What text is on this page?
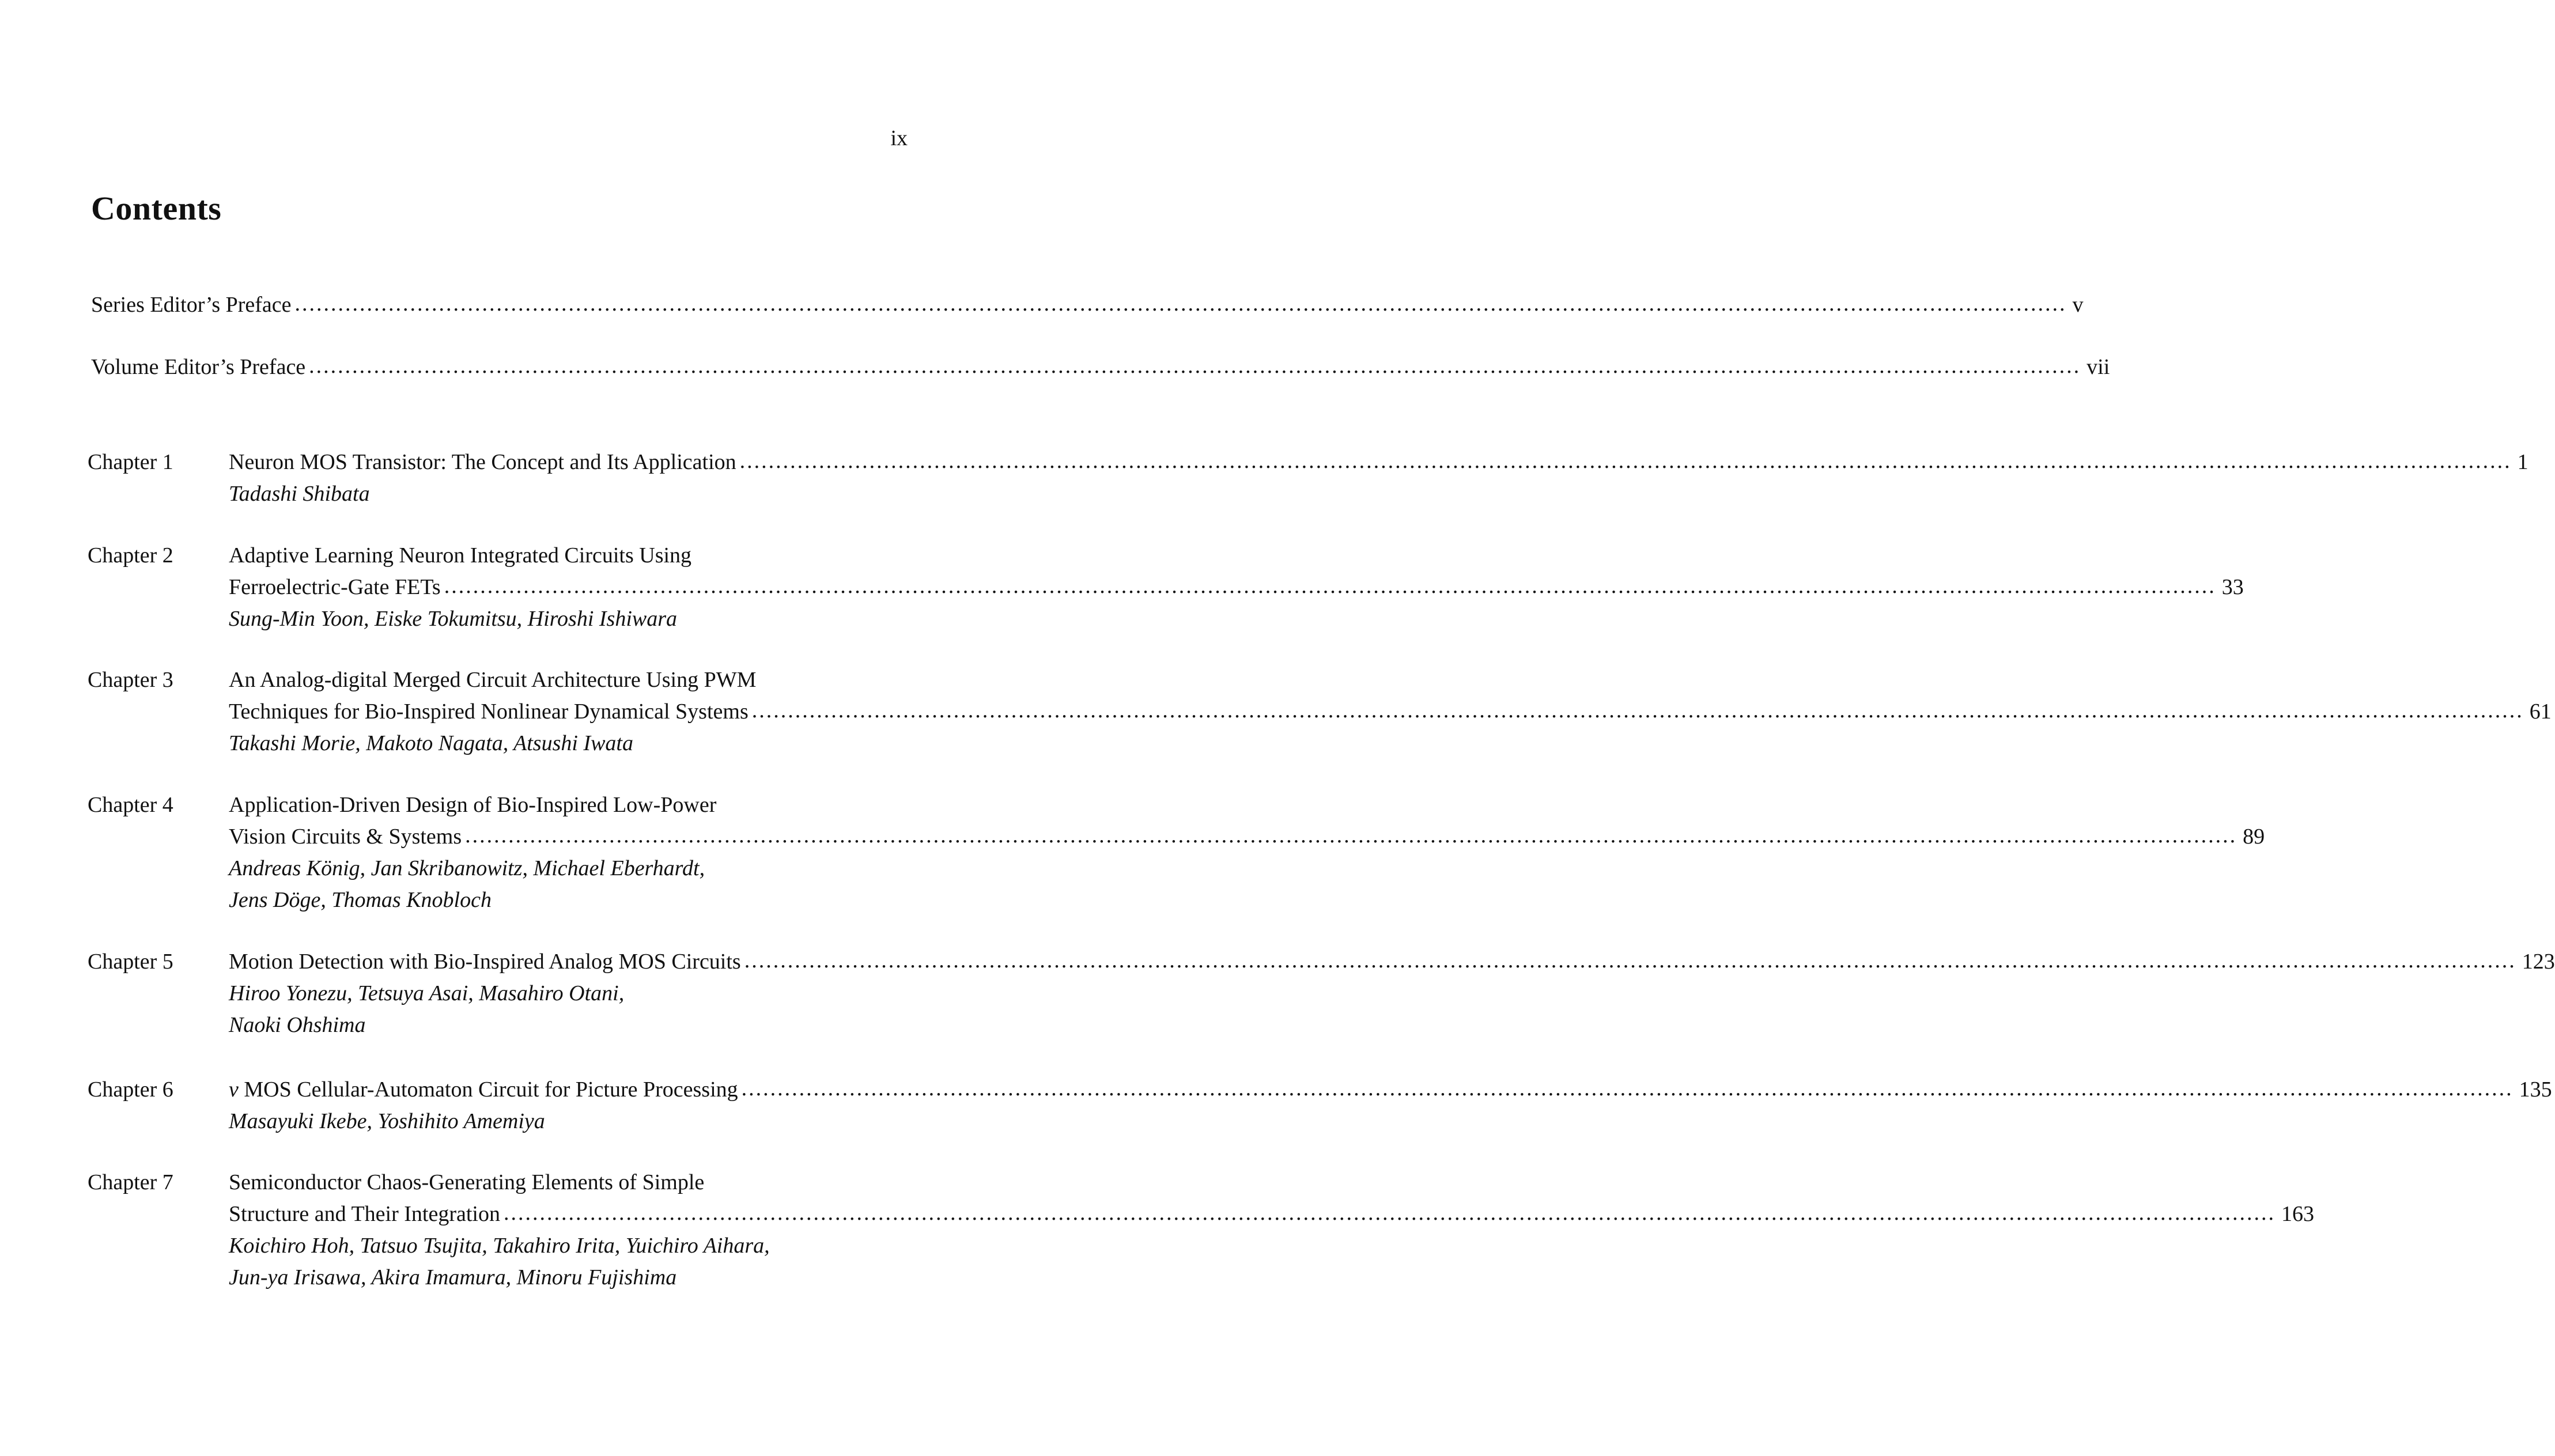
ix
Contents
Series Editor’s Preface .....	v
Volume Editor’s Preface .....	vii
Chapter 1	Neuron MOS Transistor: The Concept and Its Application .....	1
Tadashi Shibata
Chapter 2	Adaptive Learning Neuron Integrated Circuits Using
Ferroelectric-Gate FETs .....	33
Sung-Min Yoon, Eiske Tokumitsu, Hiroshi Ishiwara
Chapter 3	An Analog-digital Merged Circuit Architecture Using PWM
Techniques for Bio-Inspired Nonlinear Dynamical Systems .....	61
Takashi Morie, Makoto Nagata, Atsushi Iwata
Chapter 4	Application-Driven Design of Bio-Inspired Low-Power
Vision Circuits & Systems .....	89
Andreas König, Jan Skribanowitz, Michael Eberhardt,
Jens Döge, Thomas Knobloch
Chapter 5	Motion Detection with Bio-Inspired Analog MOS Circuits .....	123
Hiroo Yonezu, Tetsuya Asai, Masahiro Otani,
Naoki Ohshima
Chapter 6	v MOS Cellular-Automaton Circuit for Picture Processing .....	135
Masayuki Ikebe, Yoshihito Amemiya
Chapter 7	Semiconductor Chaos-Generating Elements of Simple
Structure and Their Integration .....	163
Koichiro Hoh, Tatsuo Tsujita, Takahiro Irita, Yuichiro Aihara,
Jun-ya Irisawa, Akira Imamura, Minoru Fujishima
